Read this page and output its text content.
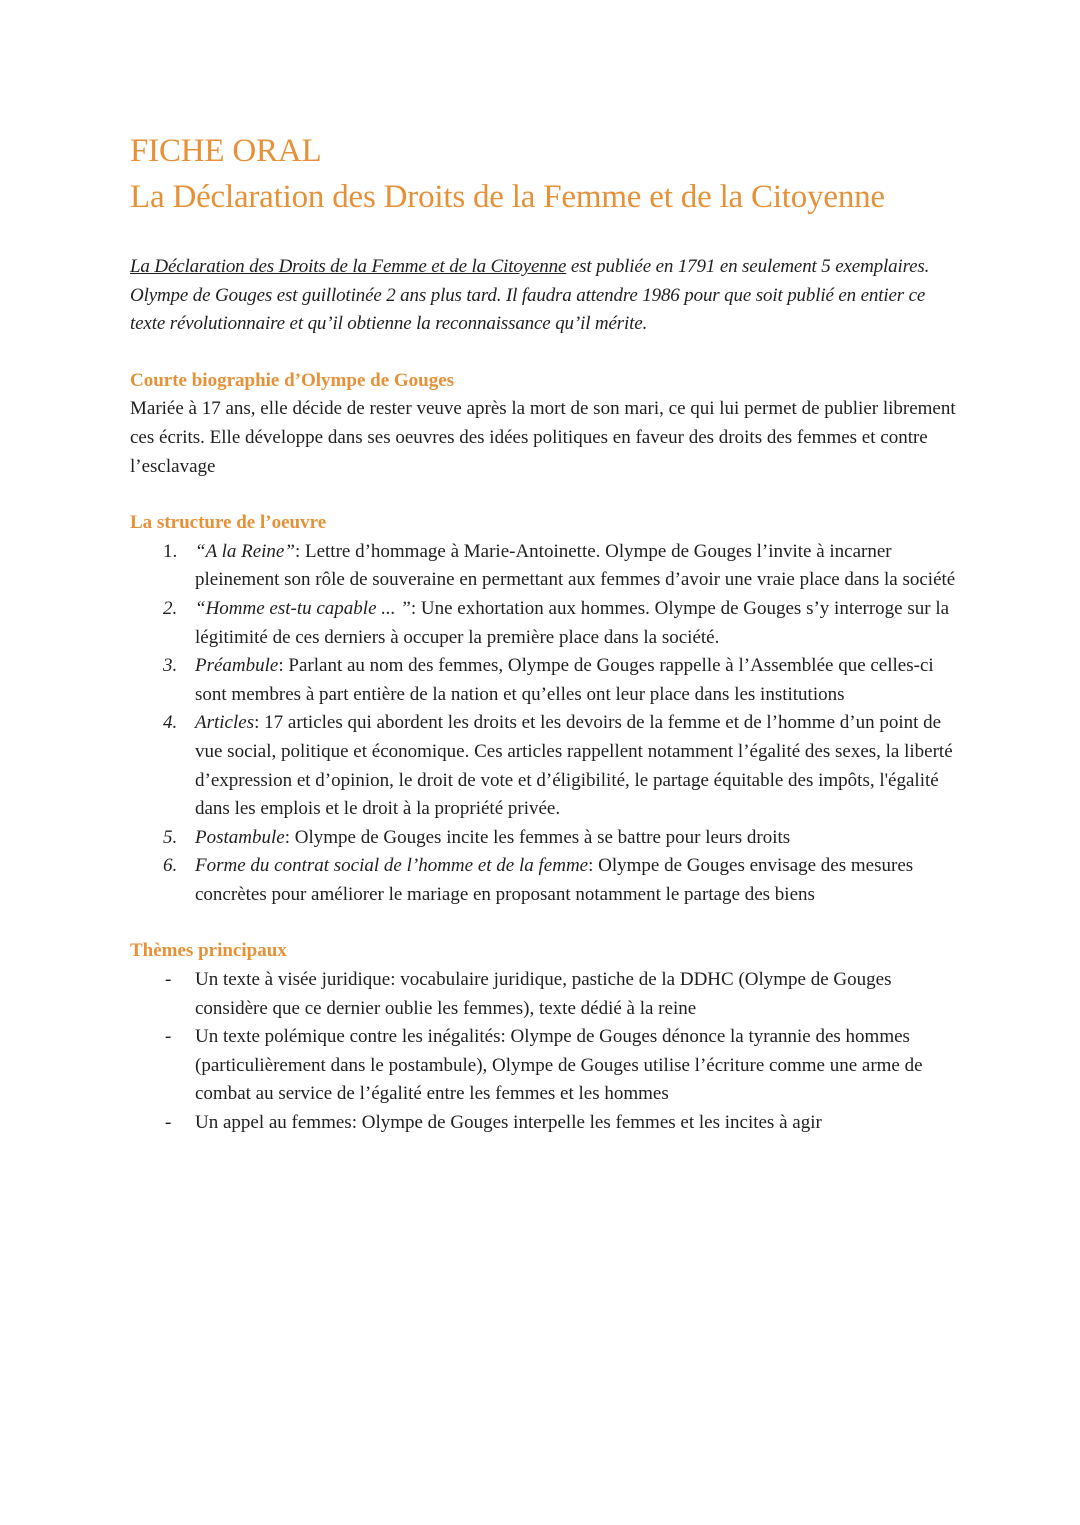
FICHE ORAL
La Déclaration des Droits de la Femme et de la Citoyenne

La Déclaration des Droits de la Femme et de la Citoyenne est publiée en 1791 en seulement 5 exemplaires. Olympe de Gouges est guillotinée 2 ans plus tard. Il faudra attendre 1986 pour que soit publié en entier ce texte révolutionnaire et qu’il obtienne la reconnaissance qu’il mérite.

Courte biographie d’Olympe de Gouges

Mariée à 17 ans, elle décide de rester veuve après la mort de son mari, ce qui lui permet de publier librement ces écrits. Elle développe dans ses oeuvres des idées politiques en faveur des droits des femmes et contre l’esclavage

La structure de l’oeuvre
1. “A la Reine”: Lettre d’hommage à Marie-Antoinette. Olympe de Gouges l’invite à incarner pleinement son rôle de souveraine en permettant aux femmes d’avoir une vraie place dans la société
2. “Homme est-tu capable ... ”: Une exhortation aux hommes. Olympe de Gouges s’y interroge sur la légitimité de ces derniers à occuper la première place dans la société.
3. Préambule: Parlant au nom des femmes, Olympe de Gouges rappelle à l’Assemblée que celles-ci sont membres à part entière de la nation et qu’elles ont leur place dans les institutions
4. Articles: 17 articles qui abordent les droits et les devoirs de la femme et de l’homme d’un point de vue social, politique et économique. Ces articles rappellent notamment l’égalité des sexes, la liberté d’expression et d’opinion, le droit de vote et d’éligibilité, le partage équitable des impôts, l'égalité dans les emplois et le droit à la propriété privée.
5. Postambule: Olympe de Gouges incite les femmes à se battre pour leurs droits
6. Forme du contrat social de l’homme et de la femme: Olympe de Gouges envisage des mesures concrètes pour améliorer le mariage en proposant notamment le partage des biens
Thèmes principaux
- Un texte à visée juridique: vocabulaire juridique, pastiche de la DDHC (Olympe de Gouges considère que ce dernier oublie les femmes), texte dédié à la reine
- Un texte polémique contre les inégalités: Olympe de Gouges dénonce la tyrannie des hommes (particulièrement dans le postambule), Olympe de Gouges utilise l’écriture comme une arme de combat au service de l’égalité entre les femmes et les hommes
- Un appel au femmes: Olympe de Gouges interpelle les femmes et les incites à agir
